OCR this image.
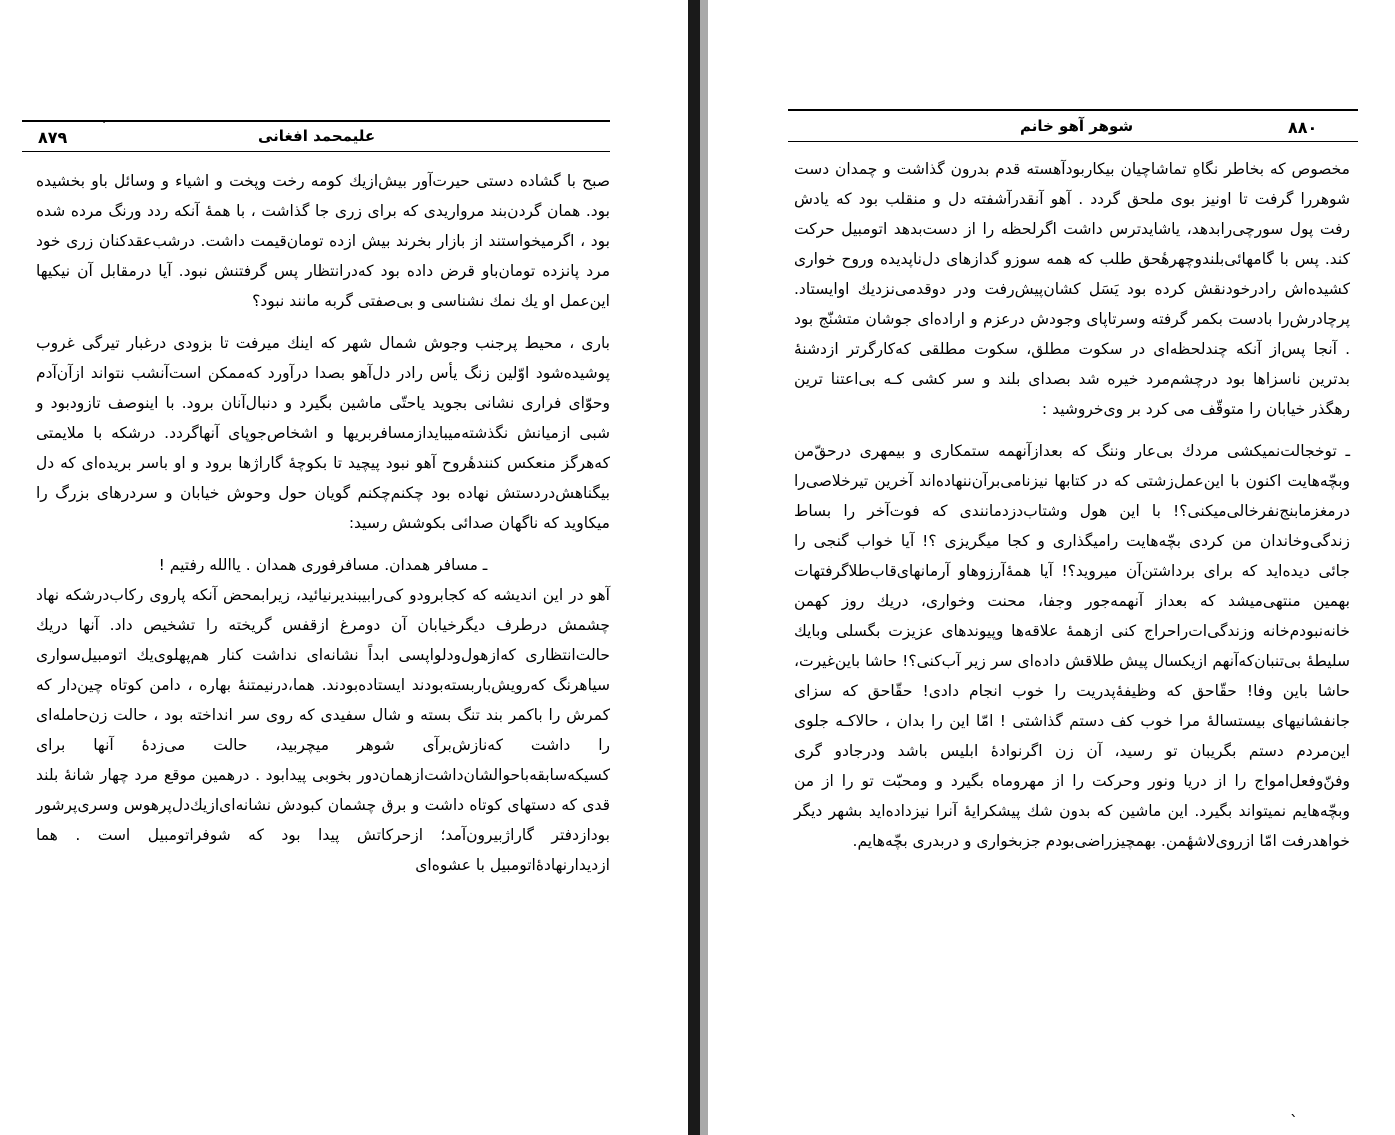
ˋ
۸۷۹	علیمحمد افغانی

صبح با گشاده دستی حیرت‌آور بیش‌ازیك کومه رخت وپخت و اشیاء و وسائل باو بخشیده بود. همان گردن‌بند مرواریدی که برای زری جا گذاشت ، با همهٔ آنکه ردد ورنگ مرده شده بود ، اگرمیخواستند از بازار بخرند بیش ازده تومان‌قیمت داشت. درشب‌عقدکنان زری خود مرد پانزده تومان‌باو قرض داده بود که‌درانتظار پس گرفتنش نبود. آیا درمقابل آن نیکیها این‌عمل او یك نمك نشناسی و بی‌صفتی گربه مانند نبود؟

باری ، محیط پرجنب وجوش شمال شهر که اینك میرفت تا بزودی درغبار تیرگی غروب پوشیده‌شود اوّلین زنگ یأس رادر دل‌آهو بصدا درآورد که‌ممکن است‌آنشب نتواند ازآن‌آدم وحوّای فراری نشانی بجوید یاحتّی ماشین بگیرد و دنبال‌آنان برود. با اینوصف تازودبود و شبی ازمیانش نگذشته‌میبایدازمسافربریها و اشخاص‌جوپای آنها‌گردد. درشکه با ملایمتی که‌هرگز منعکس کنندهٔروح آهو نبود پیچید تا بکوچهٔ گاراژها برود و او باسر بریده‌ای که دل بیگناهش‌دردستش نهاده بود چکنم‌چکنم گویان حول وحوش خیابان و سردرهای بزرگ را میکاوید که ناگهان صدائی بکوشش رسید:

ـ مسافر همدان. مسافرفوری همدان . یاالله رفتیم !

آهو در این اندیشه که کجابرودو کی‌رابیبندیرنیائید، زیرابمحض آنکه پاروی رکاب‌درشکه نهاد چشمش درطرف دیگرخیابان آن دومرغ ازقفس گریخته را تشخیص داد. آنها دریك حالت‌انتظاری که‌ازهول‌ودلواپسی ابداً نشانه‌ای نداشت کنار هم‌پهلوی‌یك اتومبیل‌سواری سیاهرنگ که‌رویش‌باربسته‌بودند ایستاده‌بودند. هما،درنیمتنهٔ بهاره ، دامن کوتاه چین‌دار که‌ کمرش را باکمر بند تنگ بسته و شال سفیدی که روی سر انداخته بود ، حالت زن‌حامله‌ای را داشت که‌نازش‌برآی شوهر میچربید، حالت می‌زدهٔ آنها برای کسیکه‌سابقه‌باحوالشان‌داشت‌ازهمان‌دور بخوبی پیدابود . درهمین موقع مرد چهار شانهٔ بلند قدی که دستهای کوتاه داشت و برق چشمان کبودش نشانه‌ای‌ازیك‌دل‌پرهوس وسری‌پرشور بودازدفتر گاراژبیرون‌آمد؛ ازحرکاتش پیدا بود که شوفراتومبیل است . هما ازدیدارنهادهٔ‌اتومبیل با عشوه‌ای

شوهر آهو خانم	۸۸۰

مخصوص که بخاطر نگاهِ تماشاچیان بیکاربودآهسته قدم بدرون گذاشت و چمدان دست شوهررا گرفت تا اونیز بوی ملحق گردد . آهو آنقدرآشفته دل و منقلب بود که یادش رفت پول سورچی‌رابدهد، یاشایدترس داشت اگرلحظه را از دست‌بدهد اتومبیل حرکت کند. پس با گامهائی‌بلندوچهرهٔحق طلب که همه سوزو گدازهای دل‌ناپدیده وروح خواری کشیده‌اش رادرخودنقش کرده بود یَسَل کشان‌پیش‌رفت ودر دوقدمی‌نزدیك او‌ایستاد. پرچادرش‌را بادست بکمر گرفته وسرتاپای وجودش درعزم و اراده‌ای جوشان متشنّج بود . آنجا پس‌از آنکه چندلحظه‌ای در سکوت مطلق، سکوت مطلقی که‌کارگرتر ازدشنهٔ بدترین ناسزاها بود درچشم‌مرد خیره شد بصدای بلند و سر کشی کـه بی‌اعتنا ترین رهگذر خیابان را متوقّف می کرد بر وی‌خروشید :

ـ توخجالت‌نمیکشی مردك بی‌عار وننگ که بعدازآنهمه ستمکاری و بیمهری درحقّ‌من وبچّه‌هایت اکنون با این‌عمل‌زشتی که در کتابها نیزنامی‌برآن‌ننهاده‌اند آخرین تیرخلاصی‌را درمغزمابنج‌نفرخالی‌میکنی؟! با این هول وشتاب‌دزدمانندی که فوت‌آخر را بساط زندگی‌وخاندان من کردی بچّه‌هایت رامیگذاری و کجا میگریزی ؟! آیا خواب گنجی را جائی دیده‌اید که برای برداشتن‌آن میروید؟! آیا همهٔ‌آرزوهاو آرمانهای‌قاب‌طلاگرفتهات بهمین منتهی‌میشد که بعداز آنهمه‌جور وجفا، محنت وخواری، دریك روز کهمن خانه‌نبودم‌خانه وزندگی‌ات‌راحراج کنی ازهمهٔ علاقه‌ها وپیوندهای عزیزت بگسلی وبایك سلیطهٔ بی‌تنبان‌که‌آنهم ازیکسال پیش طلاقش داده‌ای سر زیر آب‌کنی؟! حاشا باین‌غیرت، حاشا باین وفا! حقّاحق که وظیفهٔ‌پدریت را خوب انجام دادی! حقّاحق که سزای جانفشانیهای بیستسالهٔ مرا خوب کف دستم گذاشتی ! امّا این را بدان ، حالاکـه جلوی این‌مردم دستم بگریبان تو رسید، آن زن اگرنوادهٔ ابلیس باشد ودرجادو گری وفنّ‌وفعل‌امواج را از دریا ونور وحرکت را از مهروماه بگیرد و ومحبّت تو را از من وبچّه‌هایم نمیتواند بگیرد. این ماشین که بدون شك پیشکرایهٔ آنرا نیزداده‌اید بشهر دیگر خواهدرفت امّا ازروی‌لاشهٔمن. بهمچیزراضی‌بودم جزبخواری و دربدری بچّه‌هایم.

ˎ
